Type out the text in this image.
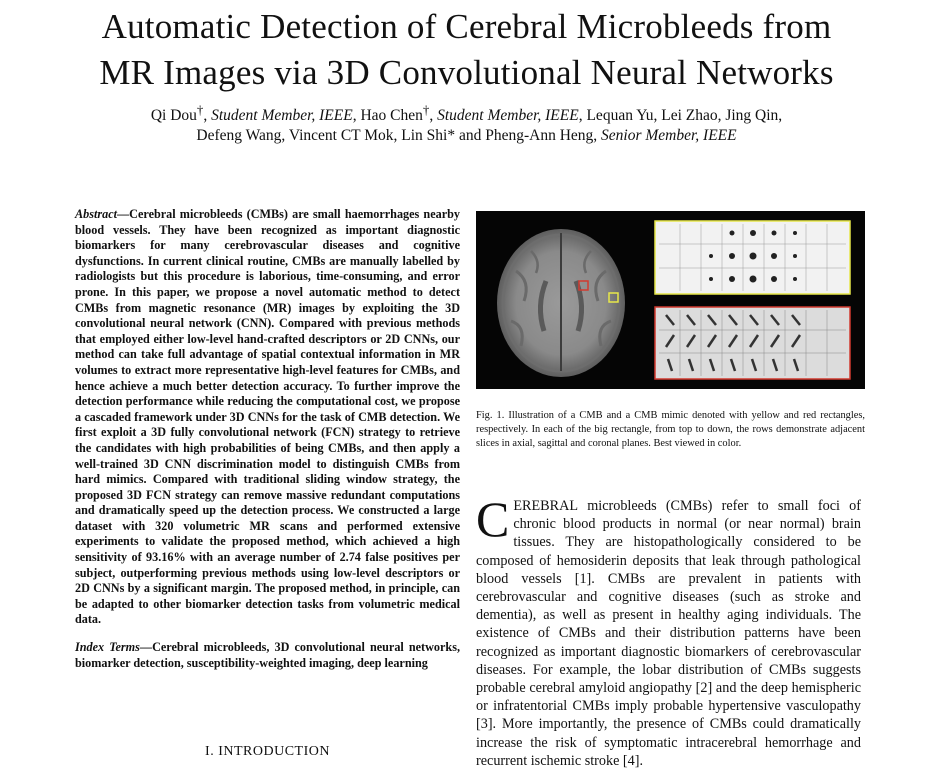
Automatic Detection of Cerebral Microbleeds from
MR Images via 3D Convolutional Neural Networks
Qi Dou†, Student Member, IEEE, Hao Chen†, Student Member, IEEE, Lequan Yu, Lei Zhao, Jing Qin,
Defeng Wang, Vincent CT Mok, Lin Shi* and Pheng-Ann Heng, Senior Member, IEEE
Abstract—Cerebral microbleeds (CMBs) are small haemorrhages nearby blood vessels. They have been recognized as important diagnostic biomarkers for many cerebrovascular diseases and cognitive dysfunctions. In current clinical routine, CMBs are manually labelled by radiologists but this procedure is laborious, time-consuming, and error prone. In this paper, we propose a novel automatic method to detect CMBs from magnetic resonance (MR) images by exploiting the 3D convolutional neural network (CNN). Compared with previous methods that employed either low-level hand-crafted descriptors or 2D CNNs, our method can take full advantage of spatial contextual information in MR volumes to extract more representative high-level features for CMBs, and hence achieve a much better detection accuracy. To further improve the detection performance while reducing the computational cost, we propose a cascaded framework under 3D CNNs for the task of CMB detection. We first exploit a 3D fully convolutional network (FCN) strategy to retrieve the candidates with high probabilities of being CMBs, and then apply a well-trained 3D CNN discrimination model to distinguish CMBs from hard mimics. Compared with traditional sliding window strategy, the proposed 3D FCN strategy can remove massive redundant computations and dramatically speed up the detection process. We constructed a large dataset with 320 volumetric MR scans and performed extensive experiments to validate the proposed method, which achieved a high sensitivity of 93.16% with an average number of 2.74 false positives per subject, outperforming previous methods using low-level descriptors or 2D CNNs by a significant margin. The proposed method, in principle, can be adapted to other biomarker detection tasks from volumetric medical data.
Index Terms—Cerebral microbleeds, 3D convolutional neural networks, biomarker detection, susceptibility-weighted imaging, deep learning
I. INTRODUCTION
Fig. 1. Illustration of a CMB and a CMB mimic denoted with yellow and red rectangles, respectively. In each of the big rectangle, from top to down, the rows demonstrate adjacent slices in axial, sagittal and coronal planes. Best viewed in color.
CEREBRAL microbleeds (CMBs) refer to small foci of chronic blood products in normal (or near normal) brain tissues. They are histopathologically considered to be composed of hemosiderin deposits that leak through pathological blood vessels [1]. CMBs are prevalent in patients with cerebrovascular and cognitive diseases (such as stroke and dementia), as well as present in healthy aging individuals. The existence of CMBs and their distribution patterns have been recognized as important diagnostic biomarkers of cerebrovascular diseases. For example, the lobar distribution of CMBs suggests probable cerebral amyloid angiopathy [2] and the deep hemispheric or infratentorial CMBs imply probable hypertensive vasculopathy [3]. More importantly, the presence of CMBs could dramatically increase the risk of symptomatic intracerebral hemorrhage and recurrent ischemic stroke [4].
